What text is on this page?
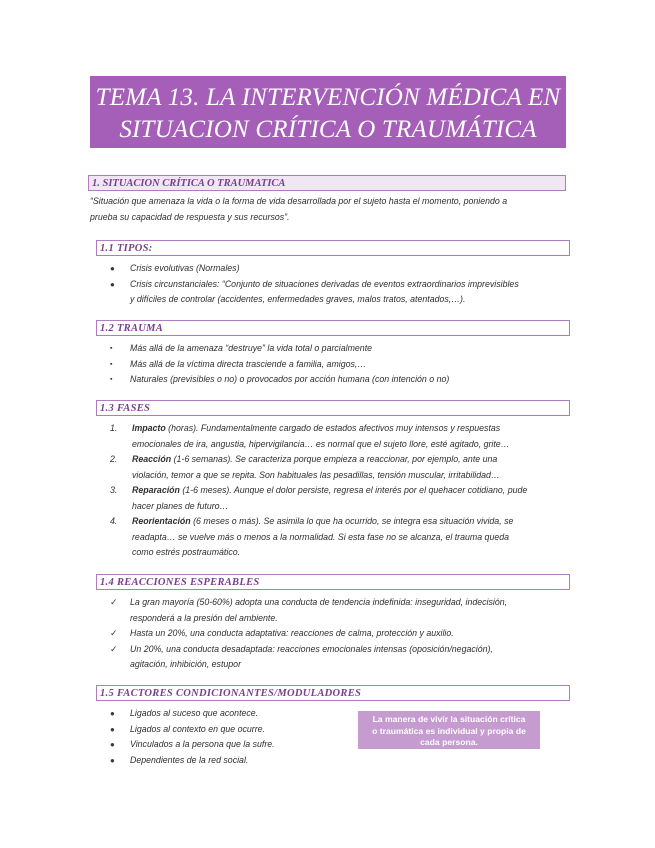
TEMA 13. LA INTERVENCIÓN MÉDICA EN
SITUACION CRÍTICA O TRAUMÁTICA
1. SITUACION CRÍTICA O TRAUMATICA
“Situación que amenaza la vida o la forma de vida desarrollada por el sujeto hasta el momento, poniendo a
prueba su capacidad de respuesta y sus recursos”.
1.1 TIPOS:
● Crisis evolutivas (Normales)
● Crisis circunstanciales: “Conjunto de situaciones derivadas de eventos extraordinarios imprevisibles
y difíciles de controlar (accidentes, enfermedades graves, malos tratos, atentados,…).
1.2 TRAUMA
▪ Más allá de la amenaza “destruye” la vida total o parcialmente
▪ Más allá de la víctima directa trasciende a familia, amigos,…
▪ Naturales (previsibles o no) o provocados por acción humana (con intención o no)
1.3 FASES
1. Impacto (horas). Fundamentalmente cargado de estados afectivos muy intensos y respuestas
emocionales de ira, angustia, hipervigilancia… es normal que el sujeto llore, esté agitado, grite…
2. Reacción (1-6 semanas). Se caracteriza porque empieza a reaccionar, por ejemplo, ante una
violación, temor a que se repita. Son habituales las pesadillas, tensión muscular, irritabilidad…
3. Reparación (1-6 meses). Aunque el dolor persiste, regresa el interés por el quehacer cotidiano, pude
hacer planes de futuro…
4. Reorientación (6 meses o más). Se asimila lo que ha ocurrido, se integra esa situación vivida, se
readapta… se vuelve más o menos a la normalidad. Si esta fase no se alcanza, el trauma queda
como estrés postraumático.
1.4 REACCIONES ESPERABLES
✓ La gran mayoría (50-60%) adopta una conducta de tendencia indefinida: inseguridad, indecisión,
responderá a la presión del ambiente.
✓ Hasta un 20%, una conducta adaptativa: reacciones de calma, protección y auxilio.
✓ Un 20%, una conducta desadaptada: reacciones emocionales intensas (oposición/negación),
agitación, inhibición, estupor
1.5 FACTORES CONDICIONANTES/MODULADORES
● Ligados al suceso que acontece.
● Ligados al contexto en que ocurre.
● Vinculados a la persona que la sufre.
● Dependientes de la red social.
La manera de vivir la situación crítica
o traumática es individual y propia de
cada persona.
